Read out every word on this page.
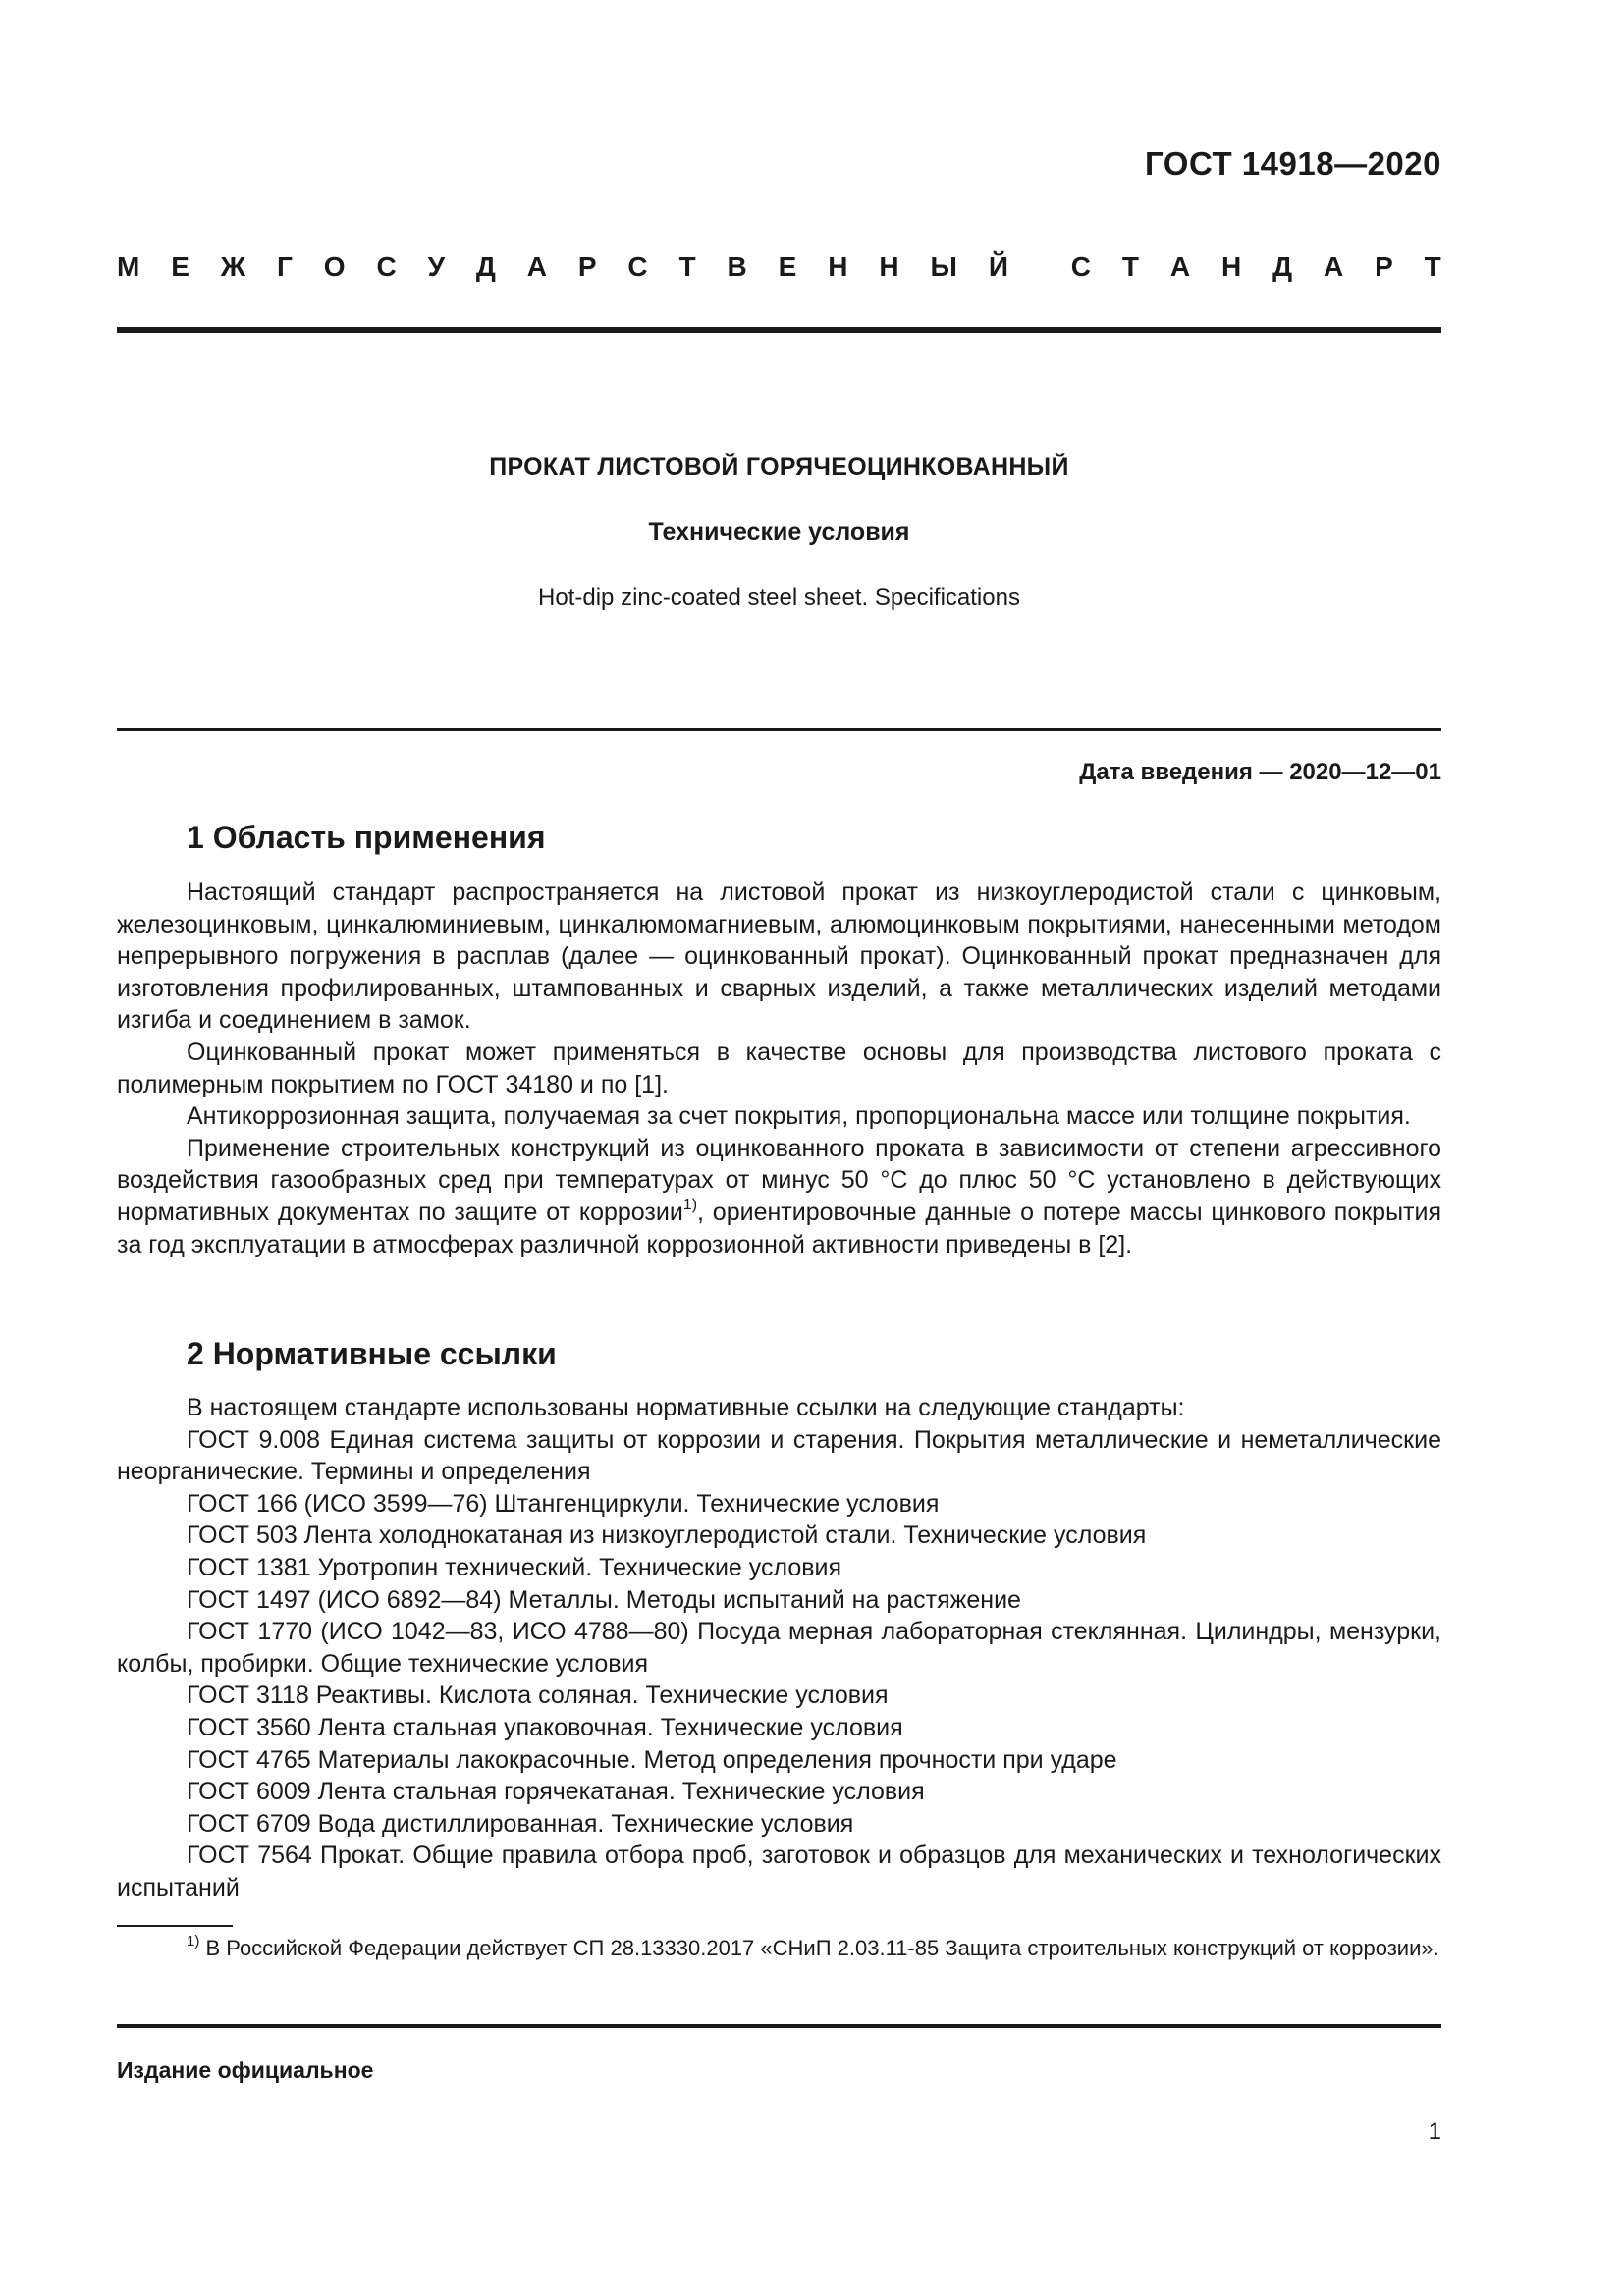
ГОСТ 14918—2020
М Е Ж Г О С У Д А Р С Т В Е Н Н Ы Й С Т А Н Д А Р Т
ПРОКАТ ЛИСТОВОЙ ГОРЯЧЕОЦИНКОВАННЫЙ
Технические условия
Hot-dip zinc-coated steel sheet. Specifications
Дата введения — 2020—12—01
1 Область применения

Настоящий стандарт распространяется на листовой прокат из низкоуглеродистой стали с цинковым, железоцинковым, цинкалюминиевым, цинкалюмомагниевым, алюмоцинковым покрытиями, нанесенными методом непрерывного погружения в расплав (далее — оцинкованный прокат). Оцинкованный прокат предназначен для изготовления профилированных, штампованных и сварных изделий, а также металлических изделий методами изгиба и соединением в замок.

Оцинкованный прокат может применяться в качестве основы для производства листового проката с полимерным покрытием по ГОСТ 34180 и по [1].

Антикоррозионная защита, получаемая за счет покрытия, пропорциональна массе или толщине покрытия.

Применение строительных конструкций из оцинкованного проката в зависимости от степени агрессивного воздействия газообразных сред при температурах от минус 50 °С до плюс 50 °С установлено в действующих нормативных документах по защите от коррозии$^{1)}$, ориентировочные данные о потере массы цинкового покрытия за год эксплуатации в атмосферах различной коррозионной активности приведены в [2].

2 Нормативные ссылки

В настоящем стандарте использованы нормативные ссылки на следующие стандарты:

ГОСТ 9.008 Единая система защиты от коррозии и старения. Покрытия металлические и неметаллические неорганические. Термины и определения

ГОСТ 166 (ИСО 3599—76) Штангенциркули. Технические условия

ГОСТ 503 Лента холоднокатаная из низкоуглеродистой стали. Технические условия

ГОСТ 1381 Уротропин технический. Технические условия

ГОСТ 1497 (ИСО 6892—84) Металлы. Методы испытаний на растяжение

ГОСТ 1770 (ИСО 1042—83, ИСО 4788—80) Посуда мерная лабораторная стеклянная. Цилиндры, мензурки, колбы, пробирки. Общие технические условия

ГОСТ 3118 Реактивы. Кислота соляная. Технические условия

ГОСТ 3560 Лента стальная упаковочная. Технические условия

ГОСТ 4765 Материалы лакокрасочные. Метод определения прочности при ударе

ГОСТ 6009 Лента стальная горячекатаная. Технические условия

ГОСТ 6709 Вода дистиллированная. Технические условия

ГОСТ 7564 Прокат. Общие правила отбора проб, заготовок и образцов для механических и технологических испытаний

$^{1)}$ В Российской Федерации действует СП 28.13330.2017 «СНиП 2.03.11-85 Защита строительных конструкций от коррозии».

Издание официальное
1
